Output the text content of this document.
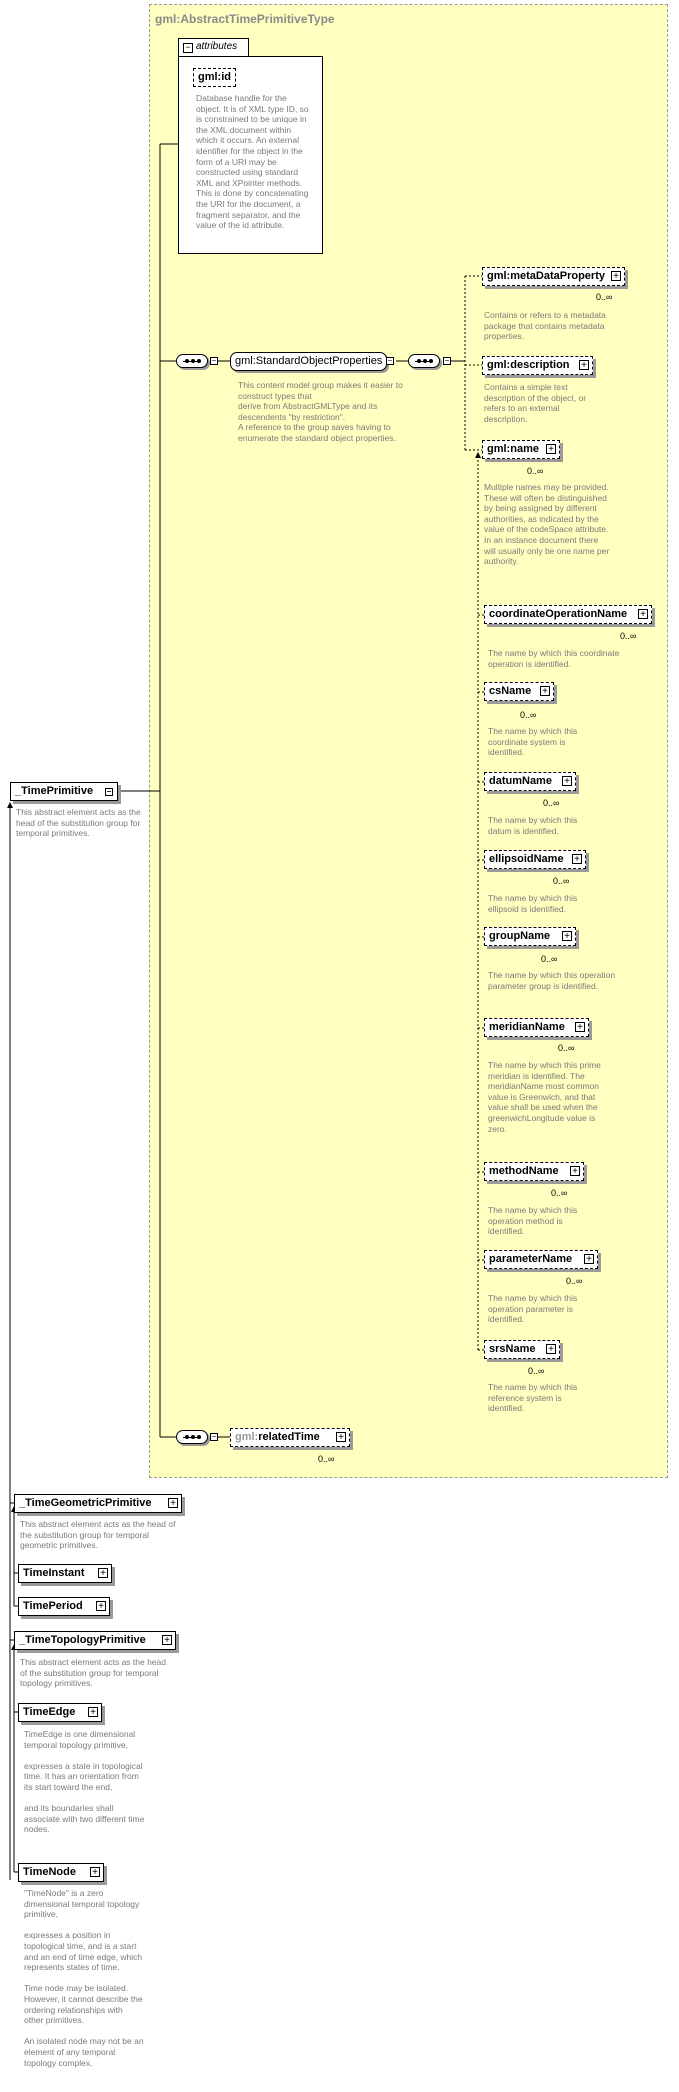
gml:AbstractTimePrimitiveType
− attributes
gml:id
Database handle for the object. It is of XML type ID, so is constrained to be unique in the XML document within which it occurs. An external identifier for the object in the form of a URI may be constructed using standard XML and XPointer methods. This is done by concatenating the URI for the document, a fragment separator, and the value of the id attribute.
−	gml:StandardObjectProperties −
This content model group makes it easier to construct types that
derive from AbstractGMLType and its descendents "by restriction".
A reference to the group saves having to enumerate the standard object properties.
−
gml:metaDataProperty +
0..∞
Contains or refers to a metadata package that contains metadata properties.
gml:description +
Contains a simple text description of the object, or refers to an external description.
gml:name +
0..∞
Multiple names may be provided. These will often be distinguished by being assigned by different authorities, as indicated by the value of the codeSpace attribute. In an instance document there will usually only be one name per authority.
coordinateOperationName +
0..∞
The name by which this coordinate operation is identified.
csName +
0..∞
The name by which this coordinate system is identified.
datumName +
0..∞
The name by which this datum is identified.
ellipsoidName +
0..∞
The name by which this ellipsoid is identified.
groupName +
0..∞
The name by which this operation parameter group is identified.
meridianName +
0..∞
The name by which this prime meridian is identified. The meridianName most common value is Greenwich, and that value shall be used when the greenwichLongitude value is zero.
methodName +
0..∞
The name by which this operation method is identified.
parameterName +
0..∞
The name by which this operation parameter is identified.
srsName +
0..∞
The name by which this reference system is identified.
−	gml:relatedTime +
0..∞
_TimePrimitive −
This abstract element acts as the head of the substitution group for temporal primitives.
_TimeGeometricPrimitive +
This abstract element acts as the head of the substitution group for temporal geometric primitives.
TimeInstant +
TimePeriod +
_TimeTopologyPrimitive +
This abstract element acts as the head of the substitution group for temporal topology primitives.
TimeEdge +
TimeEdge is one dimensional temporal topology primitive,

expresses a state in topological time. It has an orientation from its start toward the end,

and its boundaries shall associate with two different time nodes.
TimeNode +
"TimeNode" is a zero dimensional temporal topology primitive,

expresses a position in topological time, and is a start and an end of time edge, which represents states of time.

Time node may be isolated. However, it cannot describe the ordering relationships with other primitives.

An isolated node may not be an element of any temporal topology complex.
